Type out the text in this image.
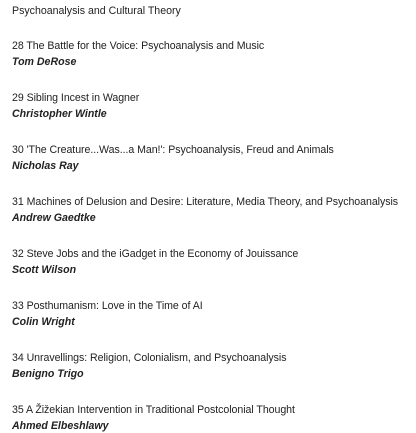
Psychoanalysis and Cultural Theory
28 The Battle for the Voice: Psychoanalysis and Music
Tom DeRose
29 Sibling Incest in Wagner
Christopher Wintle
30 'The Creature...Was...a Man!': Psychoanalysis, Freud and Animals
Nicholas Ray
31 Machines of Delusion and Desire: Literature, Media Theory, and Psychoanalysis
Andrew Gaedtke
32 Steve Jobs and the iGadget in the Economy of Jouissance
Scott Wilson
33 Posthumanism: Love in the Time of AI
Colin Wright
34 Unravellings: Religion, Colonialism, and Psychoanalysis
Benigno Trigo
35 A Žižekian Intervention in Traditional Postcolonial Thought
Ahmed Elbeshlawy
